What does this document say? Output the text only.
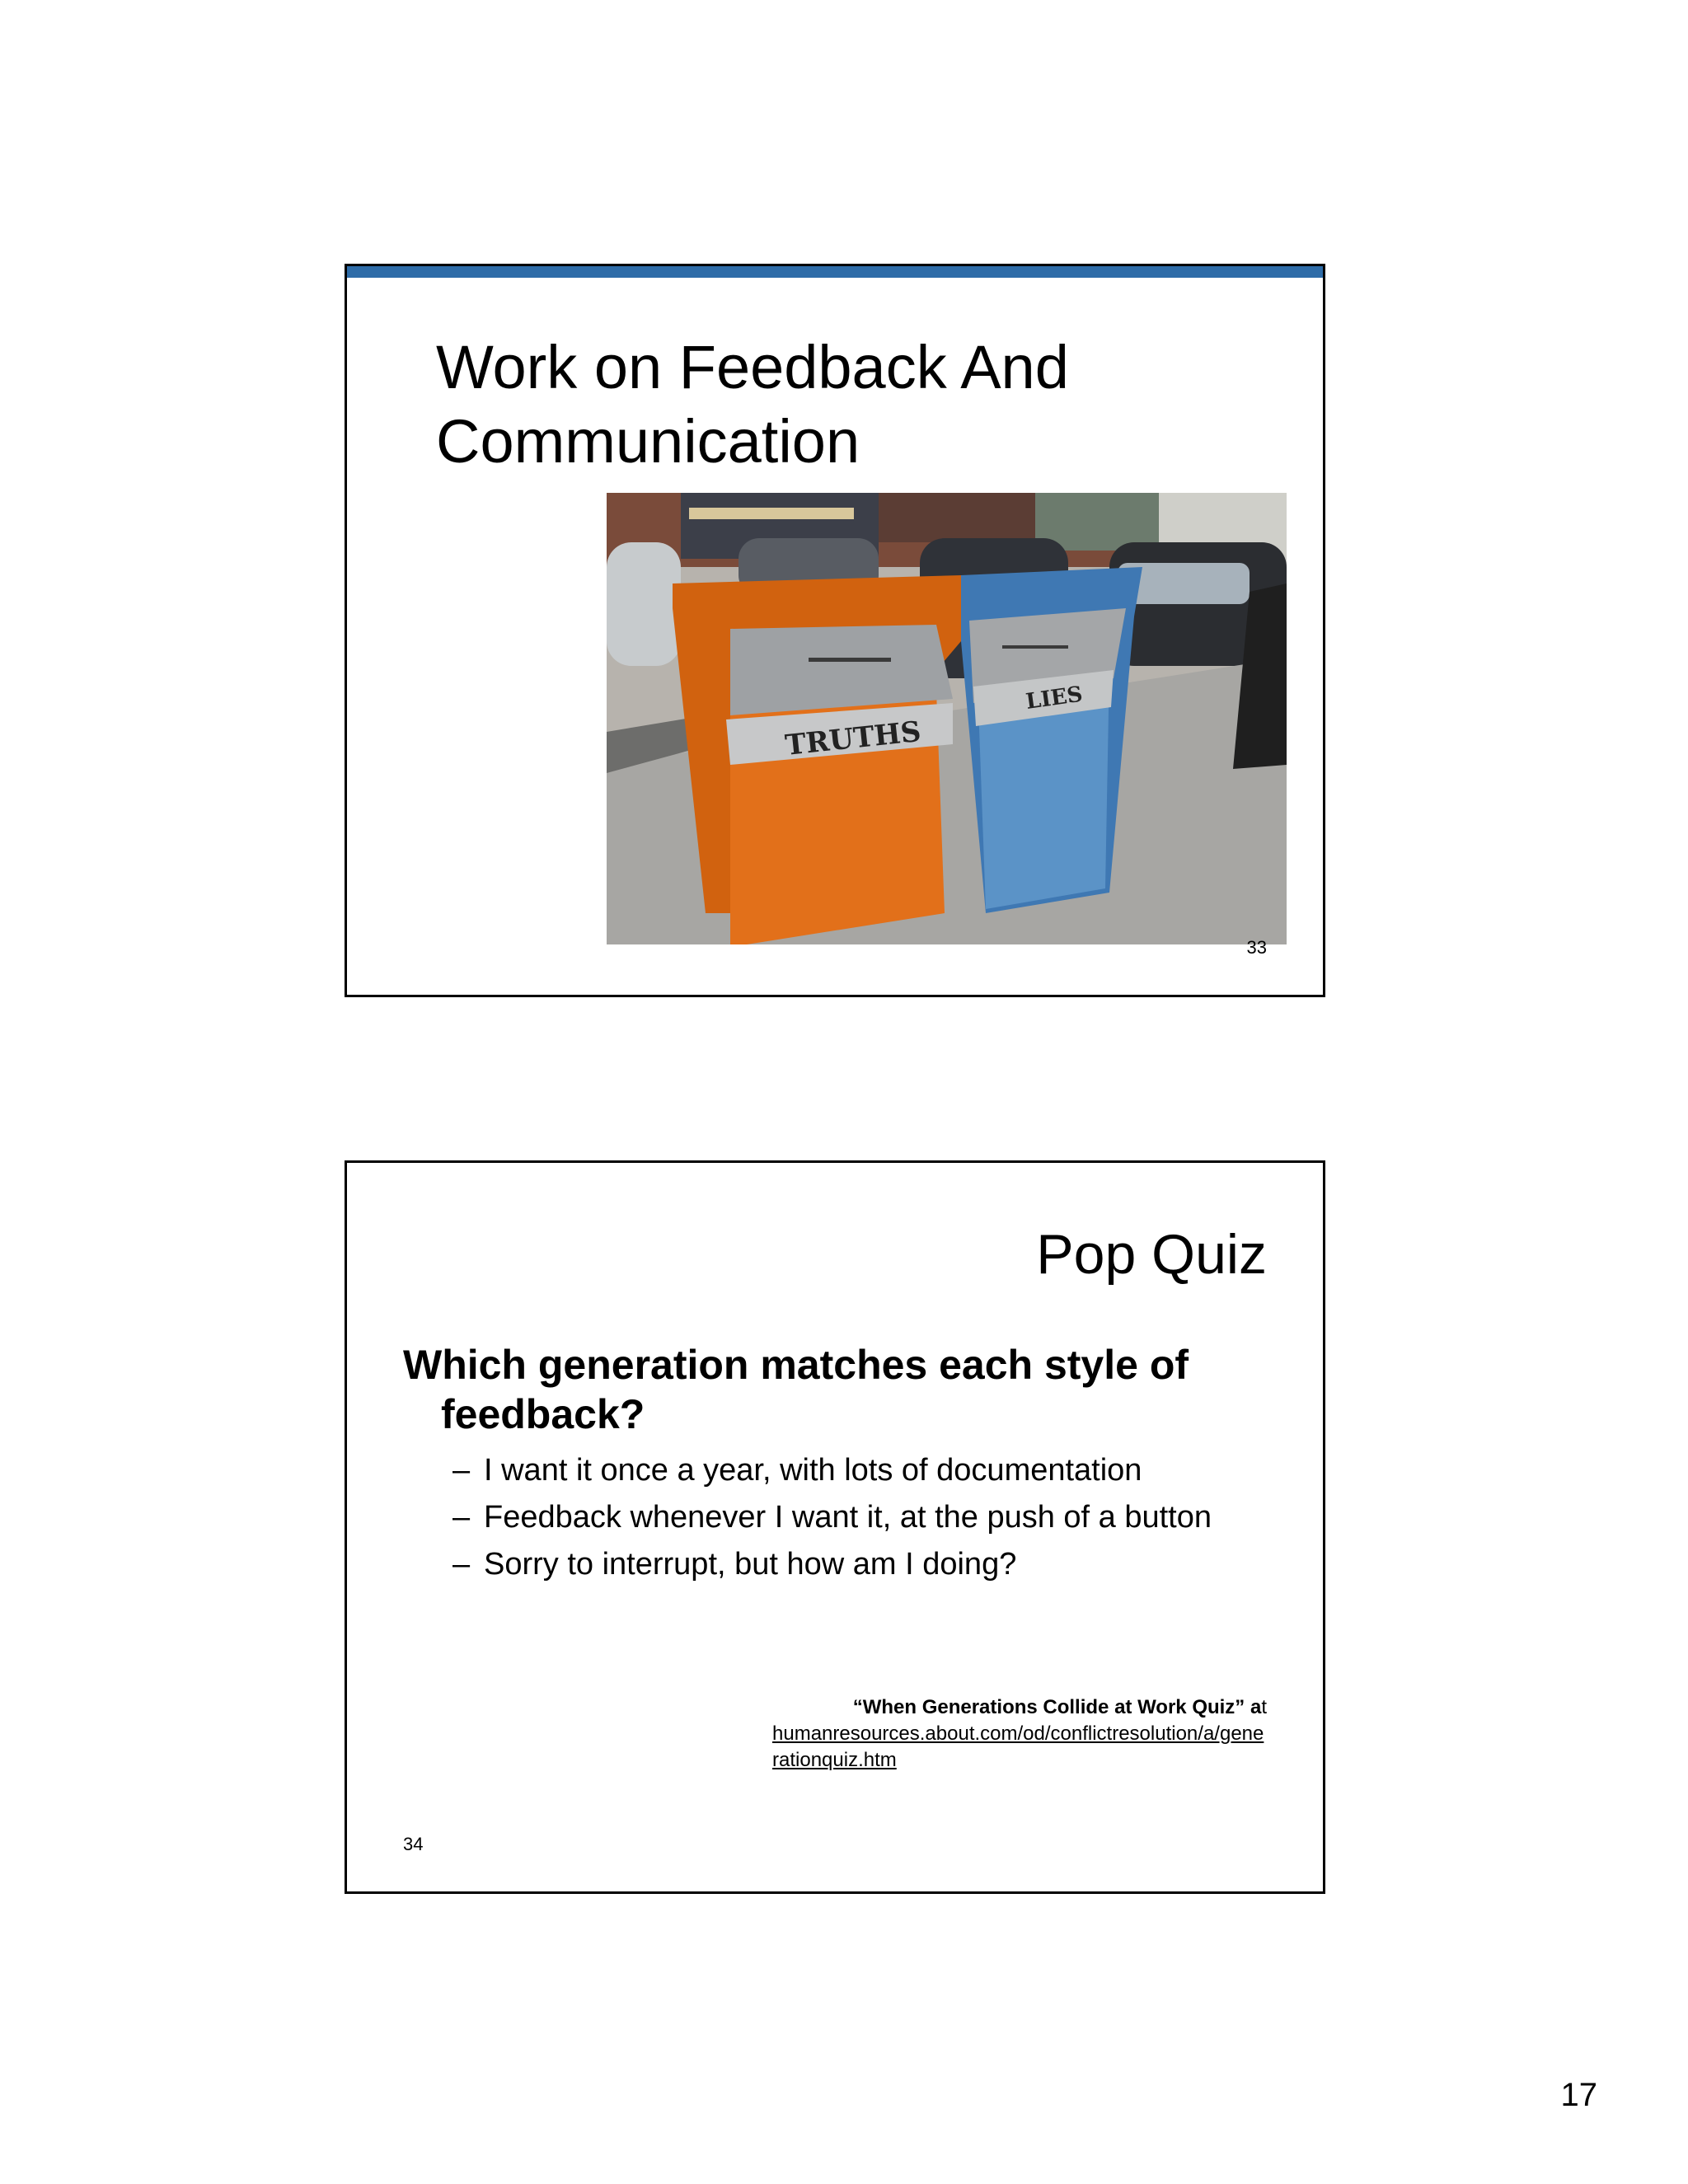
Work on Feedback And Communication
TRUTHS
LIES
33
Pop Quiz
Which generation matches each style of feedback?
– I want it once a year, with lots of documentation
– Feedback whenever I want it, at the push of a button
– Sorry to interrupt, but how am I doing?
“When Generations Collide at Work Quiz” at
humanresources.about.com/od/conflictresolution/a/generationquiz.htm
34
17
